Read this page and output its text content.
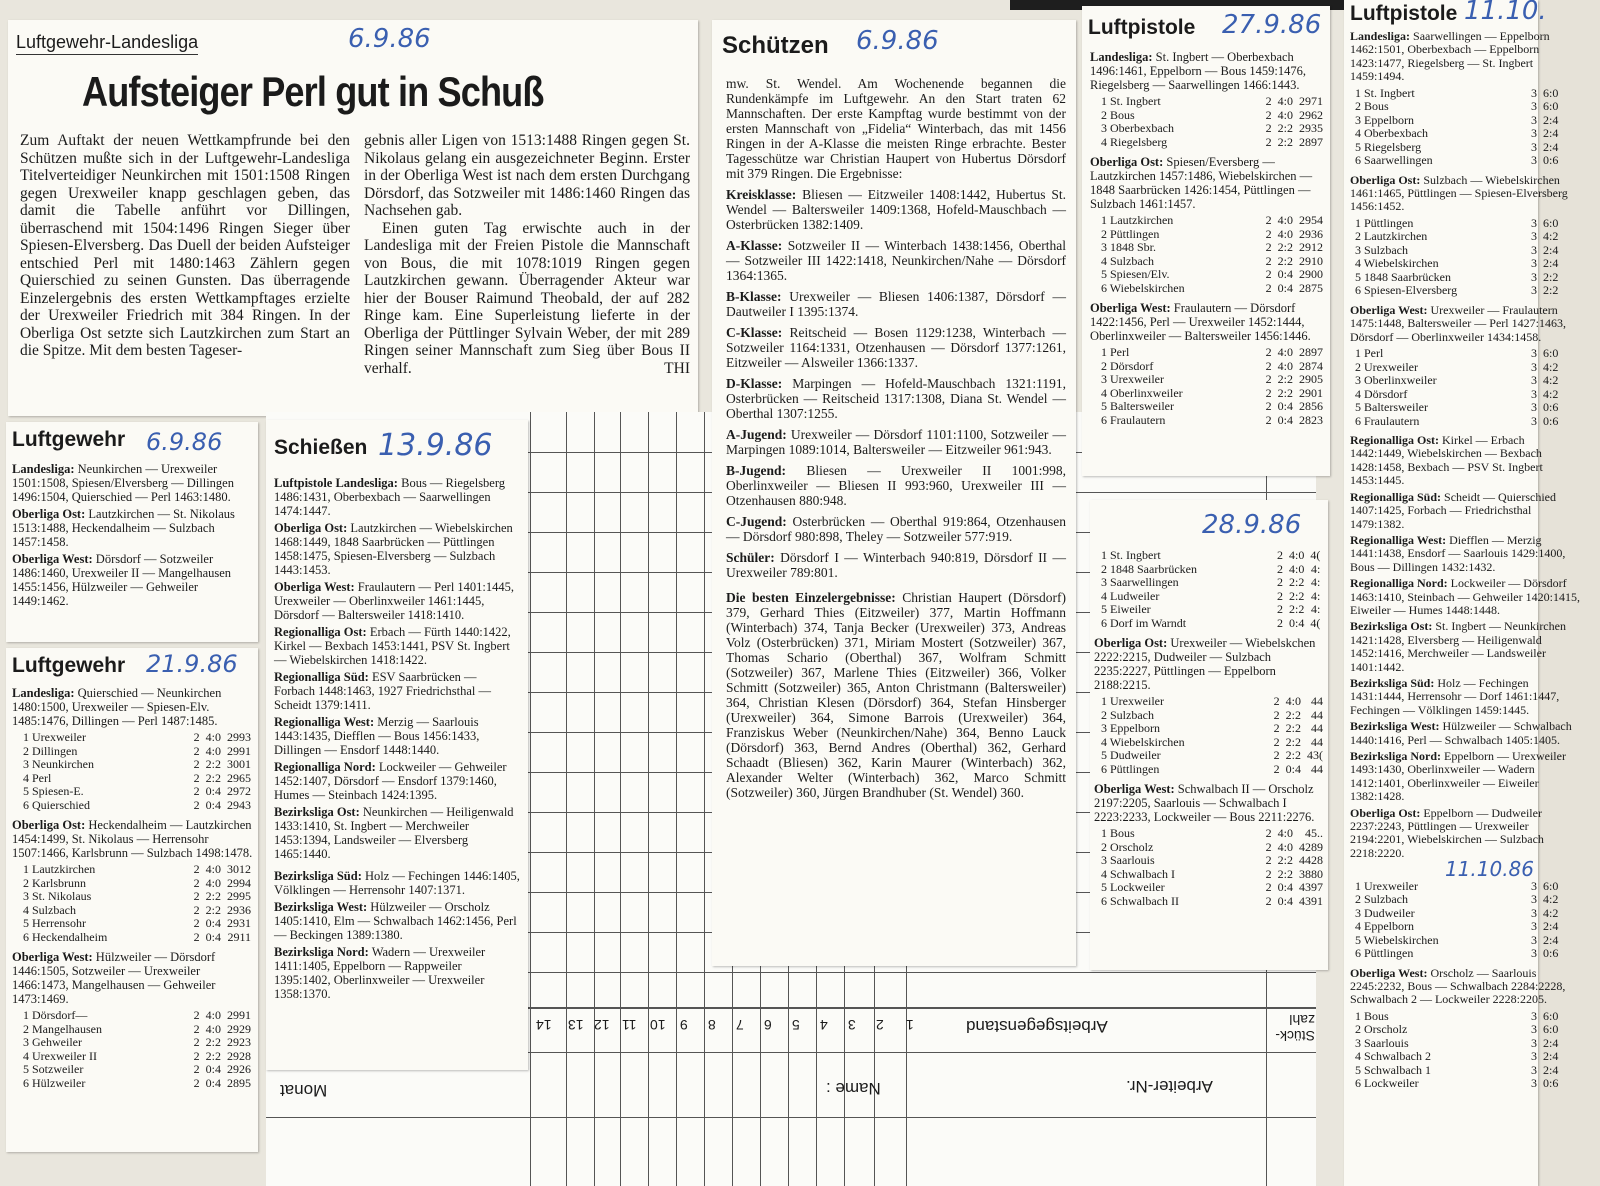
Luftgewehr-Landesliga	6.9.86
Aufsteiger Perl gut in Schuß
Zum Auftakt der neuen Wettkampfrunde bei den Schützen mußte sich in der Luftgewehr-Landesliga Titelverteidiger Neunkirchen mit 1501:1508 Ringen gegen Urexweiler knapp geschlagen geben, das damit die Tabelle anführt vor Dillingen, überraschend mit 1504:1496 Ringen Sieger über Spiesen-Elversberg. Das Duell der beiden Aufsteiger entschied Perl mit 1480:1463 Zählern gegen Quierschied zu seinen Gunsten. Das überragende Einzelergebnis des ersten Wettkampftages erzielte der Urexweiler Friedrich mit 384 Ringen. In der Oberliga Ost setzte sich Lautzkirchen zum Start an die Spitze. Mit dem besten Tageser-
gebnis aller Ligen von 1513:1488 Ringen gegen St. Nikolaus gelang ein ausgezeichneter Beginn. Erster in der Oberliga West ist nach dem ersten Durchgang Dörsdorf, das Sotzweiler mit 1486:1460 Ringen das Nachsehen gab.
Einen guten Tag erwischte auch in der Landesliga mit der Freien Pistole die Mannschaft von Bous, die mit 1078:1019 Ringen gegen Lautzkirchen gewann. Überragender Akteur war hier der Bouser Raimund Theobald, der auf 282 Ringe kam. Eine Superleistung lieferte in der Oberliga der Püttlinger Sylvain Weber, der mit 289 Ringen seiner Mannschaft zum Sieg über Bous II verhalf.	THI
14 13 12 11 10 9 8 7 6 5 4 3 2 1	Arbeitsgegenstand	Stück-zahl
Monat	Name :	Arbeiter-Nr.
Luftgewehr 6.9.86

Landesliga: Neunkirchen — Urexweiler 1501:1508, Spiesen/Elversberg — Dillingen 1496:1504, Quierschied — Perl 1463:1480.

Oberliga Ost: Lautzkirchen — St. Nikolaus 1513:1488, Heckendalheim — Sulzbach 1457:1458.

Oberliga West: Dörsdorf — Sotzweiler 1486:1460, Urexweiler II — Mangelhausen 1455:1456, Hülzweiler — Gehweiler 1449:1462.

Luftgewehr 21.9.86

Landesliga: Quierschied — Neunkirchen 1480:1500, Urexweiler — Spiesen-Elv. 1485:1476, Dillingen — Perl 1487:1485.

1 Urexweiler	2	4:0	2993
2 Dillingen	2	4:0	2991
3 Neunkirchen	2	2:2	3001
4 Perl	2	2:2	2965
5 Spiesen-E.	2	0:4	2972
6 Quierschied	2	0:4	2943

Oberliga Ost: Heckendalheim — Lautzkirchen 1454:1499, St. Nikolaus — Herrensohr 1507:1466, Karlsbrunn — Sulzbach 1498:1478.

1 Lautzkirchen	2	4:0	3012
2 Karlsbrunn	2	4:0	2994
3 St. Nikolaus	2	2:2	2995
4 Sulzbach	2	2:2	2936
5 Herrensohr	2	0:4	2931
6 Heckendalheim	2	0:4	2911

Oberliga West: Hülzweiler — Dörsdorf 1446:1505, Sotzweiler — Urexweiler 1466:1473, Mangelhausen — Gehweiler 1473:1469.

1 Dörsdorf—	2	4:0	2991
2 Mangelhausen	2	4:0	2929
3 Gehweiler	2	2:2	2923
4 Urexweiler II	2	2:2	2928
5 Sotzweiler	2	0:4	2926
6 Hülzweiler	2	0:4	2895
Schießen 13.9.86

Luftpistole Landesliga: Bous — Riegelsberg 1486:1431, Oberbexbach — Saarwellingen 1474:1447.

Oberliga Ost: Lautzkirchen — Wiebelskirchen 1468:1449, 1848 Saarbrücken — Püttlingen 1458:1475, Spiesen-Elversberg — Sulzbach 1443:1453.

Oberliga West: Fraulautern — Perl 1401:1445, Urexweiler — Oberlinxweiler 1461:1445, Dörsdorf — Baltersweiler 1418:1410.

Regionalliga Ost: Erbach — Fürth 1440:1422, Kirkel — Bexbach 1453:1441, PSV St. Ingbert — Wiebelskirchen 1418:1422.

Regionalliga Süd: ESV Saarbrücken — Forbach 1448:1463, 1927 Friedrichsthal — Scheidt 1379:1411.

Regionalliga West: Merzig — Saarlouis 1443:1435, Diefflen — Bous 1456:1433, Dillingen — Ensdorf 1448:1440.

Regionalliga Nord: Lockweiler — Gehweiler 1452:1407, Dörsdorf — Ensdorf 1379:1460, Humes — Steinbach 1424:1395.

Bezirksliga Ost: Neunkirchen — Heiligenwald 1433:1410, St. Ingbert — Merchweiler 1453:1394, Landsweiler — Elversberg 1465:1440.

Bezirksliga Süd: Holz — Fechingen 1446:1405, Völklingen — Herrensohr 1407:1371.

Bezirksliga West: Hülzweiler — Orscholz 1405:1410, Elm — Schwalbach 1462:1456, Perl — Beckingen 1389:1380.

Bezirksliga Nord: Wadern — Urexweiler 1411:1405, Eppelborn — Rappweiler 1395:1402, Oberlinxweiler — Urexweiler 1358:1370.

Schützen 6.9.86

mw. St. Wendel. Am Wochenende begannen die Rundenkämpfe im Luftgewehr. An den Start traten 62 Mannschaften. Der erste Kampftag wurde bestimmt von der ersten Mannschaft von „Fidelia“ Winterbach, das mit 1456 Ringen in der A-Klasse die meisten Ringe erbrachte. Bester Tagesschütze war Christian Haupert von Hubertus Dörsdorf mit 379 Ringen. Die Ergebnisse:

Kreisklasse: Bliesen — Eitzweiler 1408:1442, Hubertus St. Wendel — Baltersweiler 1409:1368, Hofeld-Mauschbach — Osterbrücken 1382:1409.

A-Klasse: Sotzweiler II — Winterbach 1438:1456, Oberthal — Sotzweiler III 1422:1418, Neunkirchen/Nahe — Dörsdorf 1364:1365.

B-Klasse: Urexweiler — Bliesen 1406:1387, Dörsdorf — Dautweiler I 1395:1374.

C-Klasse: Reitscheid — Bosen 1129:1238, Winterbach — Sotzweiler 1164:1331, Otzenhausen — Dörsdorf 1377:1261, Eitzweiler — Alsweiler 1366:1337.

D-Klasse: Marpingen — Hofeld-Mauschbach 1321:1191, Osterbrücken — Reitscheid 1317:1308, Diana St. Wendel — Oberthal 1307:1255.

A-Jugend: Urexweiler — Dörsdorf 1101:1100, Sotzweiler — Marpingen 1089:1014, Baltersweiler — Eitzweiler 961:943.

B-Jugend: Bliesen — Urexweiler II 1001:998, Oberlinxweiler — Bliesen II 993:960, Urexweiler III — Otzenhausen 880:948.

C-Jugend: Osterbrücken — Oberthal 919:864, Otzenhausen — Dörsdorf 980:898, Theley — Sotzweiler 577:919.

Schüler: Dörsdorf I — Winterbach 940:819, Dörsdorf II — Urexweiler 789:801.

Die besten Einzelergebnisse: Christian Haupert (Dörsdorf) 379, Gerhard Thies (Eitzweiler) 377, Martin Hoffmann (Winterbach) 374, Tanja Becker (Urexweiler) 373, Andreas Volz (Osterbrücken) 371, Miriam Mostert (Sotzweiler) 367, Thomas Schario (Oberthal) 367, Wolfram Schmitt (Sotzweiler) 367, Marlene Thies (Eitzweiler) 366, Volker Schmitt (Sotzweiler) 365, Anton Christmann (Baltersweiler) 364, Christian Klesen (Dörsdorf) 364, Stefan Hinsberger (Urexweiler) 364, Simone Barrois (Urexweiler) 364, Franziskus Weber (Neunkirchen/Nahe) 364, Benno Lauck (Dörsdorf) 363, Bernd Andres (Oberthal) 362, Gerhard Schaadt (Bliesen) 362, Karin Maurer (Winterbach) 362, Alexander Welter (Winterbach) 362, Marco Schmitt (Sotzweiler) 360, Jürgen Brandhuber (St. Wendel) 360.

Luftpistole 27.9.86

Landesliga: St. Ingbert — Oberbexbach 1496:1461, Eppelborn — Bous 1459:1476, Riegelsberg — Saarwellingen 1466:1443.

1 St. Ingbert	2	4:0	2971
2 Bous	2	4:0	2962
3 Oberbexbach	2	2:2	2935
4 Riegelsberg	2	2:2	2897

Oberliga Ost: Spiesen/Eversberg — Lautzkirchen 1457:1486, Wiebelskirchen — 1848 Saarbrücken 1426:1454, Püttlingen — Sulzbach 1461:1457.

1 Lautzkirchen	2	4:0	2954
2 Püttlingen	2	4:0	2936
3 1848 Sbr.	2	2:2	2912
4 Sulzbach	2	2:2	2910
5 Spiesen/Elv.	2	0:4	2900
6 Wiebelskirchen	2	0:4	2875

Oberliga West: Fraulautern — Dörsdorf 1422:1456, Perl — Urexweiler 1452:1444, Oberlinxweiler — Baltersweiler 1456:1446.

1 Perl	2	4:0	2897
2 Dörsdorf	2	4:0	2874
3 Urexweiler	2	2:2	2905
4 Oberlinxweiler	2	2:2	2901
5 Baltersweiler	2	0:4	2856
6 Fraulautern	2	0:4	2823
28.9.86
1 St. Ingbert	2	4:0	4(
2 1848 Saarbrücken	2	4:0	4:
3 Saarwellingen	2	2:2	4:
4 Ludweiler	2	2:2	4:
5 Eiweiler	2	2:2	4:
6 Dorf im Warndt	2	0:4	4(

Oberliga Ost: Urexweiler — Wiebelskchen 2222:2215, Dudweiler — Sulzbach 2235:2227, Püttlingen — Eppelborn 2188:2215.

1 Urexweiler	2	4:0	44
2 Sulzbach	2	2:2	44
3 Eppelborn	2	2:2	44
4 Wiebelskirchen	2	2:2	44
5 Dudweiler	2	2:2	43(
6 Püttlingen	2	0:4	44

Oberliga West: Schwalbach II — Orscholz 2197:2205, Saarlouis — Schwalbach I 2223:2233, Lockweiler — Bous 2211:2276.

1 Bous	2	4:0	45..
2 Orscholz	2	4:0	4289
3 Saarlouis	2	2:2	4428
4 Schwalbach I	2	2:2	3880
5 Lockweiler	2	0:4	4397
6 Schwalbach II	2	0:4	4391
Luftpistole 11.10.

Landesliga: Saarwellingen — Eppelborn 1462:1501, Oberbexbach — Eppelborn 1423:1477, Riegelsberg — St. Ingbert 1459:1494.

1 St. Ingbert	3	6:0
2 Bous	3	6:0
3 Eppelborn	3	2:4
4 Oberbexbach	3	2:4
5 Riegelsberg	3	2:4
6 Saarwellingen	3	0:6

Oberliga Ost: Sulzbach — Wiebelskirchen 1461:1465, Püttlingen — Spiesen-Elversberg 1456:1452.

1 Püttlingen	3	6:0
2 Lautzkirchen	3	4:2
3 Sulzbach	3	2:4
4 Wiebelskirchen	3	2:4
5 1848 Saarbrücken	3	2:2
6 Spiesen-Elversberg	3	2:2

Oberliga West: Urexweiler — Fraulautern 1475:1448, Baltersweiler — Perl 1427:1463, Dörsdorf — Oberlinxweiler 1434:1458.

1 Perl	3	6:0
2 Urexweiler	3	4:2
3 Oberlinxweiler	3	4:2
4 Dörsdorf	3	4:2
5 Baltersweiler	3	0:6
6 Fraulautern	3	0:6

Regionalliga Ost: Kirkel — Erbach 1442:1449, Wiebelskirchen — Bexbach 1428:1458, Bexbach — PSV St. Ingbert 1453:1445.

Regionalliga Süd: Scheidt — Quierschied 1407:1425, Forbach — Friedrichsthal 1479:1382.

Regionalliga West: Diefflen — Merzig 1441:1438, Ensdorf — Saarlouis 1429:1400, Bous — Dillingen 1432:1432.

Regionalliga Nord: Lockweiler — Dörsdorf 1463:1410, Steinbach — Gehweiler 1420:1415, Eiweiler — Humes 1448:1448.

Bezirksliga Ost: St. Ingbert — Neunkirchen 1421:1428, Elversberg — Heiligenwald 1452:1416, Merchweiler — Landsweiler 1401:1442.

Bezirksliga Süd: Holz — Fechingen 1431:1444, Herrensohr — Dorf 1461:1447, Fechingen — Völklingen 1459:1445.

Bezirksliga West: Hülzweiler — Schwalbach 1440:1416, Perl — Schwalbach 1405:1405.

Bezirksliga Nord: Eppelborn — Urexweiler 1493:1430, Oberlinxweiler — Wadern 1412:1401, Oberlinxweiler — Eiweiler 1382:1428.

Oberliga Ost: Eppelborn — Dudweiler 2237:2243, Püttlingen — Urexweiler 2194:2201, Wiebelskirchen — Sulzbach 2218:2220.

11.10.86
1 Urexweiler	3	6:0
2 Sulzbach	3	4:2
3 Dudweiler	3	4:2
4 Eppelborn	3	2:4
5 Wiebelskirchen	3	2:4
6 Püttlingen	3	0:6

Oberliga West: Orscholz — Saarlouis 2245:2232, Bous — Schwalbach 2284:2228, Schwalbach 2 — Lockweiler 2228:2205.

1 Bous	3	6:0
2 Orscholz	3	6:0
3 Saarlouis	3	2:4
4 Schwalbach 2	3	2:4
5 Schwalbach 1	3	2:4
6 Lockweiler	3	0:6
